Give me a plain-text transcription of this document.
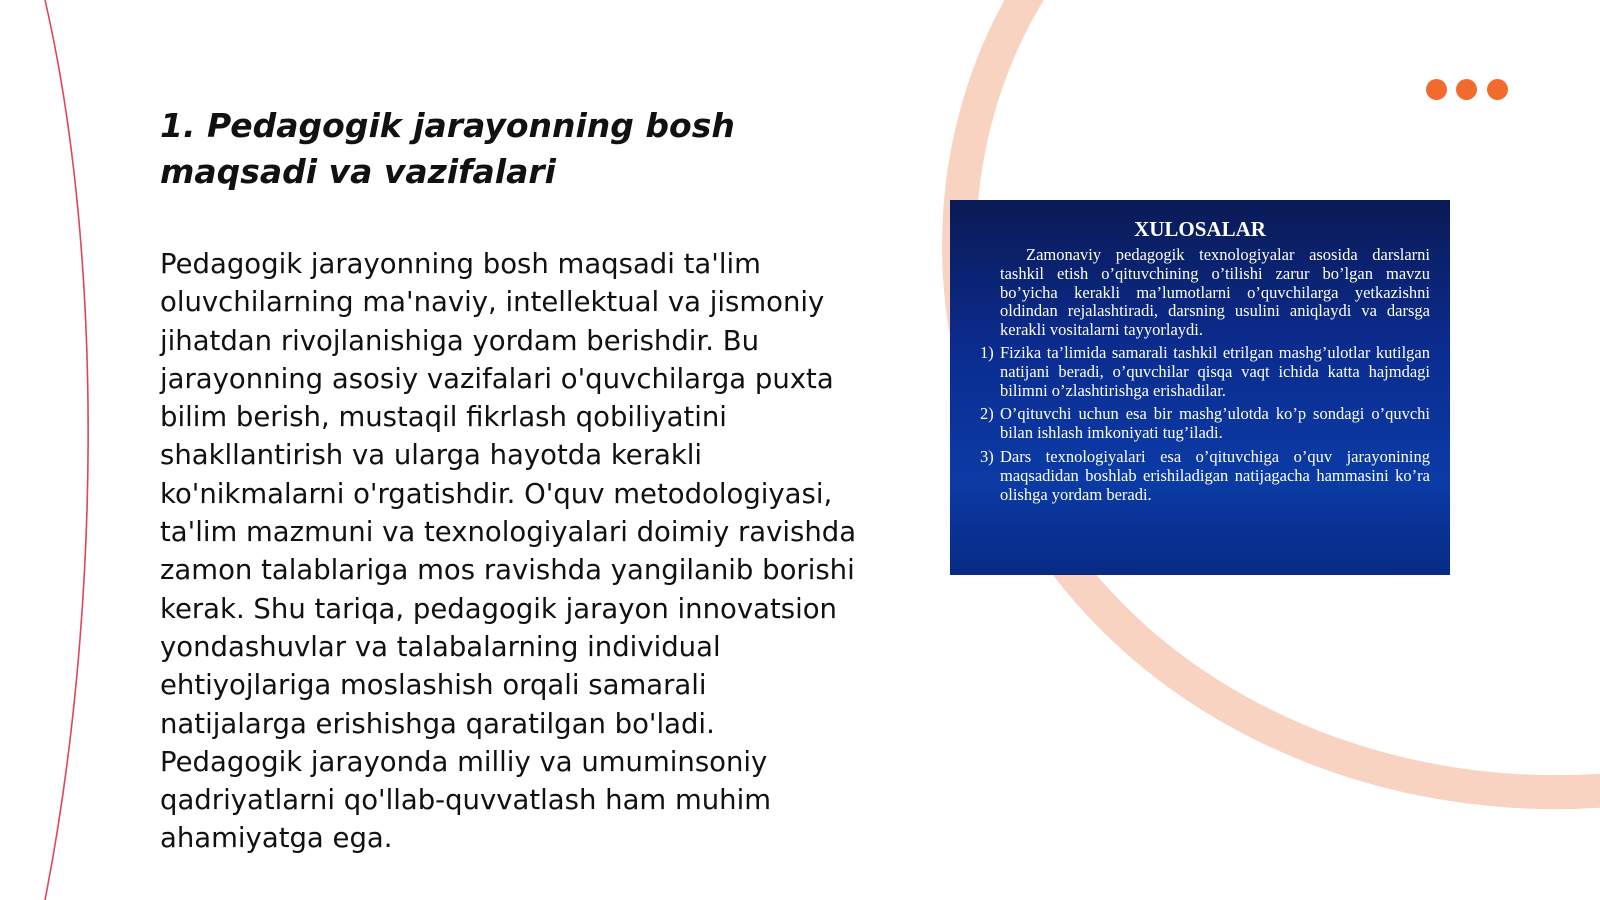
1. Pedagogik jarayonning bosh maqsadi va vazifalari

Pedagogik jarayonning bosh maqsadi ta'lim oluvchilarning ma'naviy, intellektual va jismoniy jihatdan rivojlanishiga yordam berishdir. Bu jarayonning asosiy vazifalari o'quvchilarga puxta bilim berish, mustaqil fikrlash qobiliyatini shakllantirish va ularga hayotda kerakli ko'nikmalarni o'rgatishdir. O'quv metodologiyasi, ta'lim mazmuni va texnologiyalari doimiy ravishda zamon talablariga mos ravishda yangilanib borishi kerak. Shu tariqa, pedagogik jarayon innovatsion yondashuvlar va talabalarning individual ehtiyojlariga moslashish orqali samarali natijalarga erishishga qaratilgan bo'ladi. Pedagogik jarayonda milliy va umuminsoniy qadriyatlarni qo'llab-quvvatlash ham muhim ahamiyatga ega.

XULOSALAR

Zamonaviy pedagogik texnologiyalar asosida darslarni tashkil etish o’qituvchining o’tilishi zarur bo’lgan mavzu bo’yicha kerakli ma’lumotlarni o’quvchilarga yetkazishni oldindan rejalashtiradi, darsning usulini aniqlaydi va darsga kerakli vositalarni tayyorlaydi.

1) Fizika ta’limida samarali tashkil etrilgan mashg’ulotlar kutilgan natijani beradi, o’quvchilar qisqa vaqt ichida katta hajmdagi bilimni o’zlashtirishga erishadilar.
2) O’qituvchi uchun esa bir mashg’ulotda ko’p sondagi o’quvchi bilan ishlash imkoniyati tug’iladi.
3) Dars texnologiyalari esa o’qituvchiga o’quv jarayonining maqsadidan boshlab erishiladigan natijagacha hammasini ko’ra olishga yordam beradi.
